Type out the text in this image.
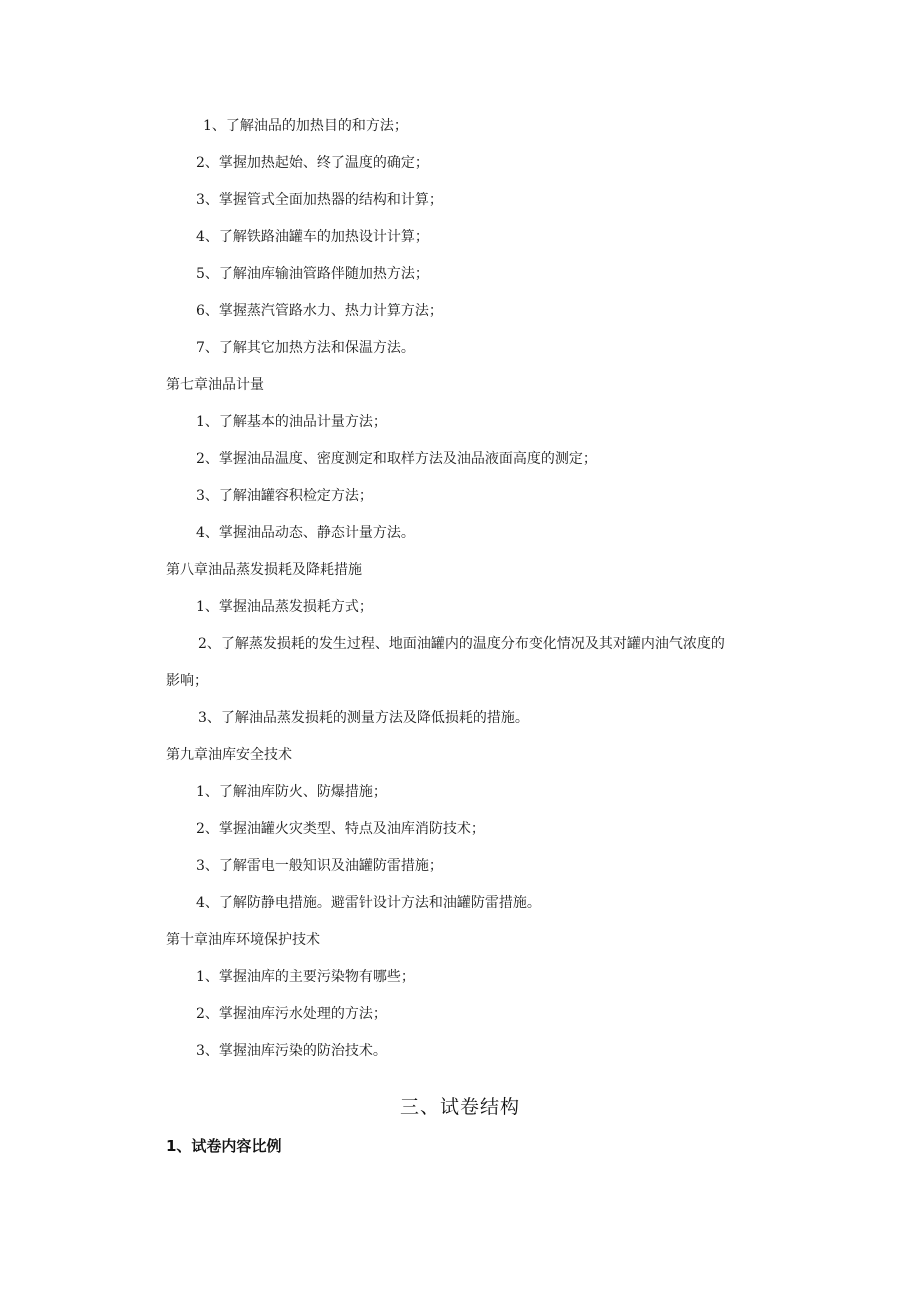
1、了解油品的加热目的和方法；
2、掌握加热起始、终了温度的确定；
3、掌握管式全面加热器的结构和计算；
4、了解铁路油罐车的加热设计计算；
5、了解油库输油管路伴随加热方法；
6、掌握蒸汽管路水力、热力计算方法；
7、了解其它加热方法和保温方法。
第七章油品计量
1、了解基本的油品计量方法；
2、掌握油品温度、密度测定和取样方法及油品液面高度的测定；
3、了解油罐容积检定方法；
4、掌握油品动态、静态计量方法。
第八章油品蒸发损耗及降耗措施
1、掌握油品蒸发损耗方式；
2、了解蒸发损耗的发生过程、地面油罐内的温度分布变化情况及其对罐内油气浓度的
影响；
3、了解油品蒸发损耗的测量方法及降低损耗的措施。
第九章油库安全技术
1、了解油库防火、防爆措施；
2、掌握油罐火灾类型、特点及油库消防技术；
3、了解雷电一般知识及油罐防雷措施；
4、了解防静电措施。避雷针设计方法和油罐防雷措施。
第十章油库环境保护技术
1、掌握油库的主要污染物有哪些；
2、掌握油库污水处理的方法；
3、掌握油库污染的防治技术。
三、试卷结构
1、试卷内容比例
